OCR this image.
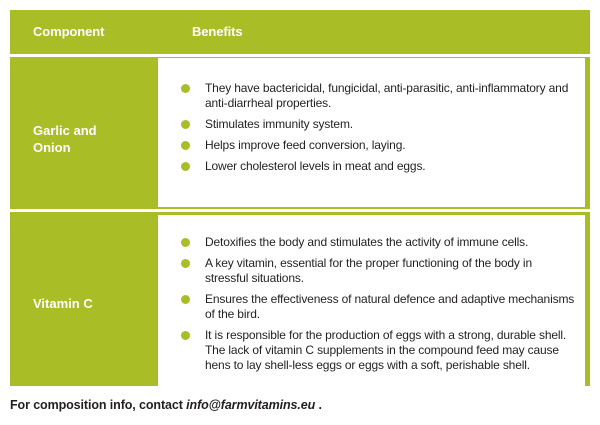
Component	Benefits
Garlic and
Onion
They have bactericidal, fungicidal, anti-parasitic, anti-inflammatory and anti-diarrheal properties.
Stimulates immunity system.
Helps improve feed conversion, laying.
Lower cholesterol levels in meat and eggs.
Vitamin C
Detoxifies the body and stimulates the activity of immune cells.
A key vitamin, essential for the proper functioning of the body in stressful situations.
Ensures the effectiveness of natural defence and adaptive mechanisms of the bird.
It is responsible for the production of eggs with a strong, durable shell. The lack of vitamin C supplements in the compound feed may cause hens to lay shell-less eggs or eggs with a soft, perishable shell.
For composition info, contact info@farmvitamins.eu .
